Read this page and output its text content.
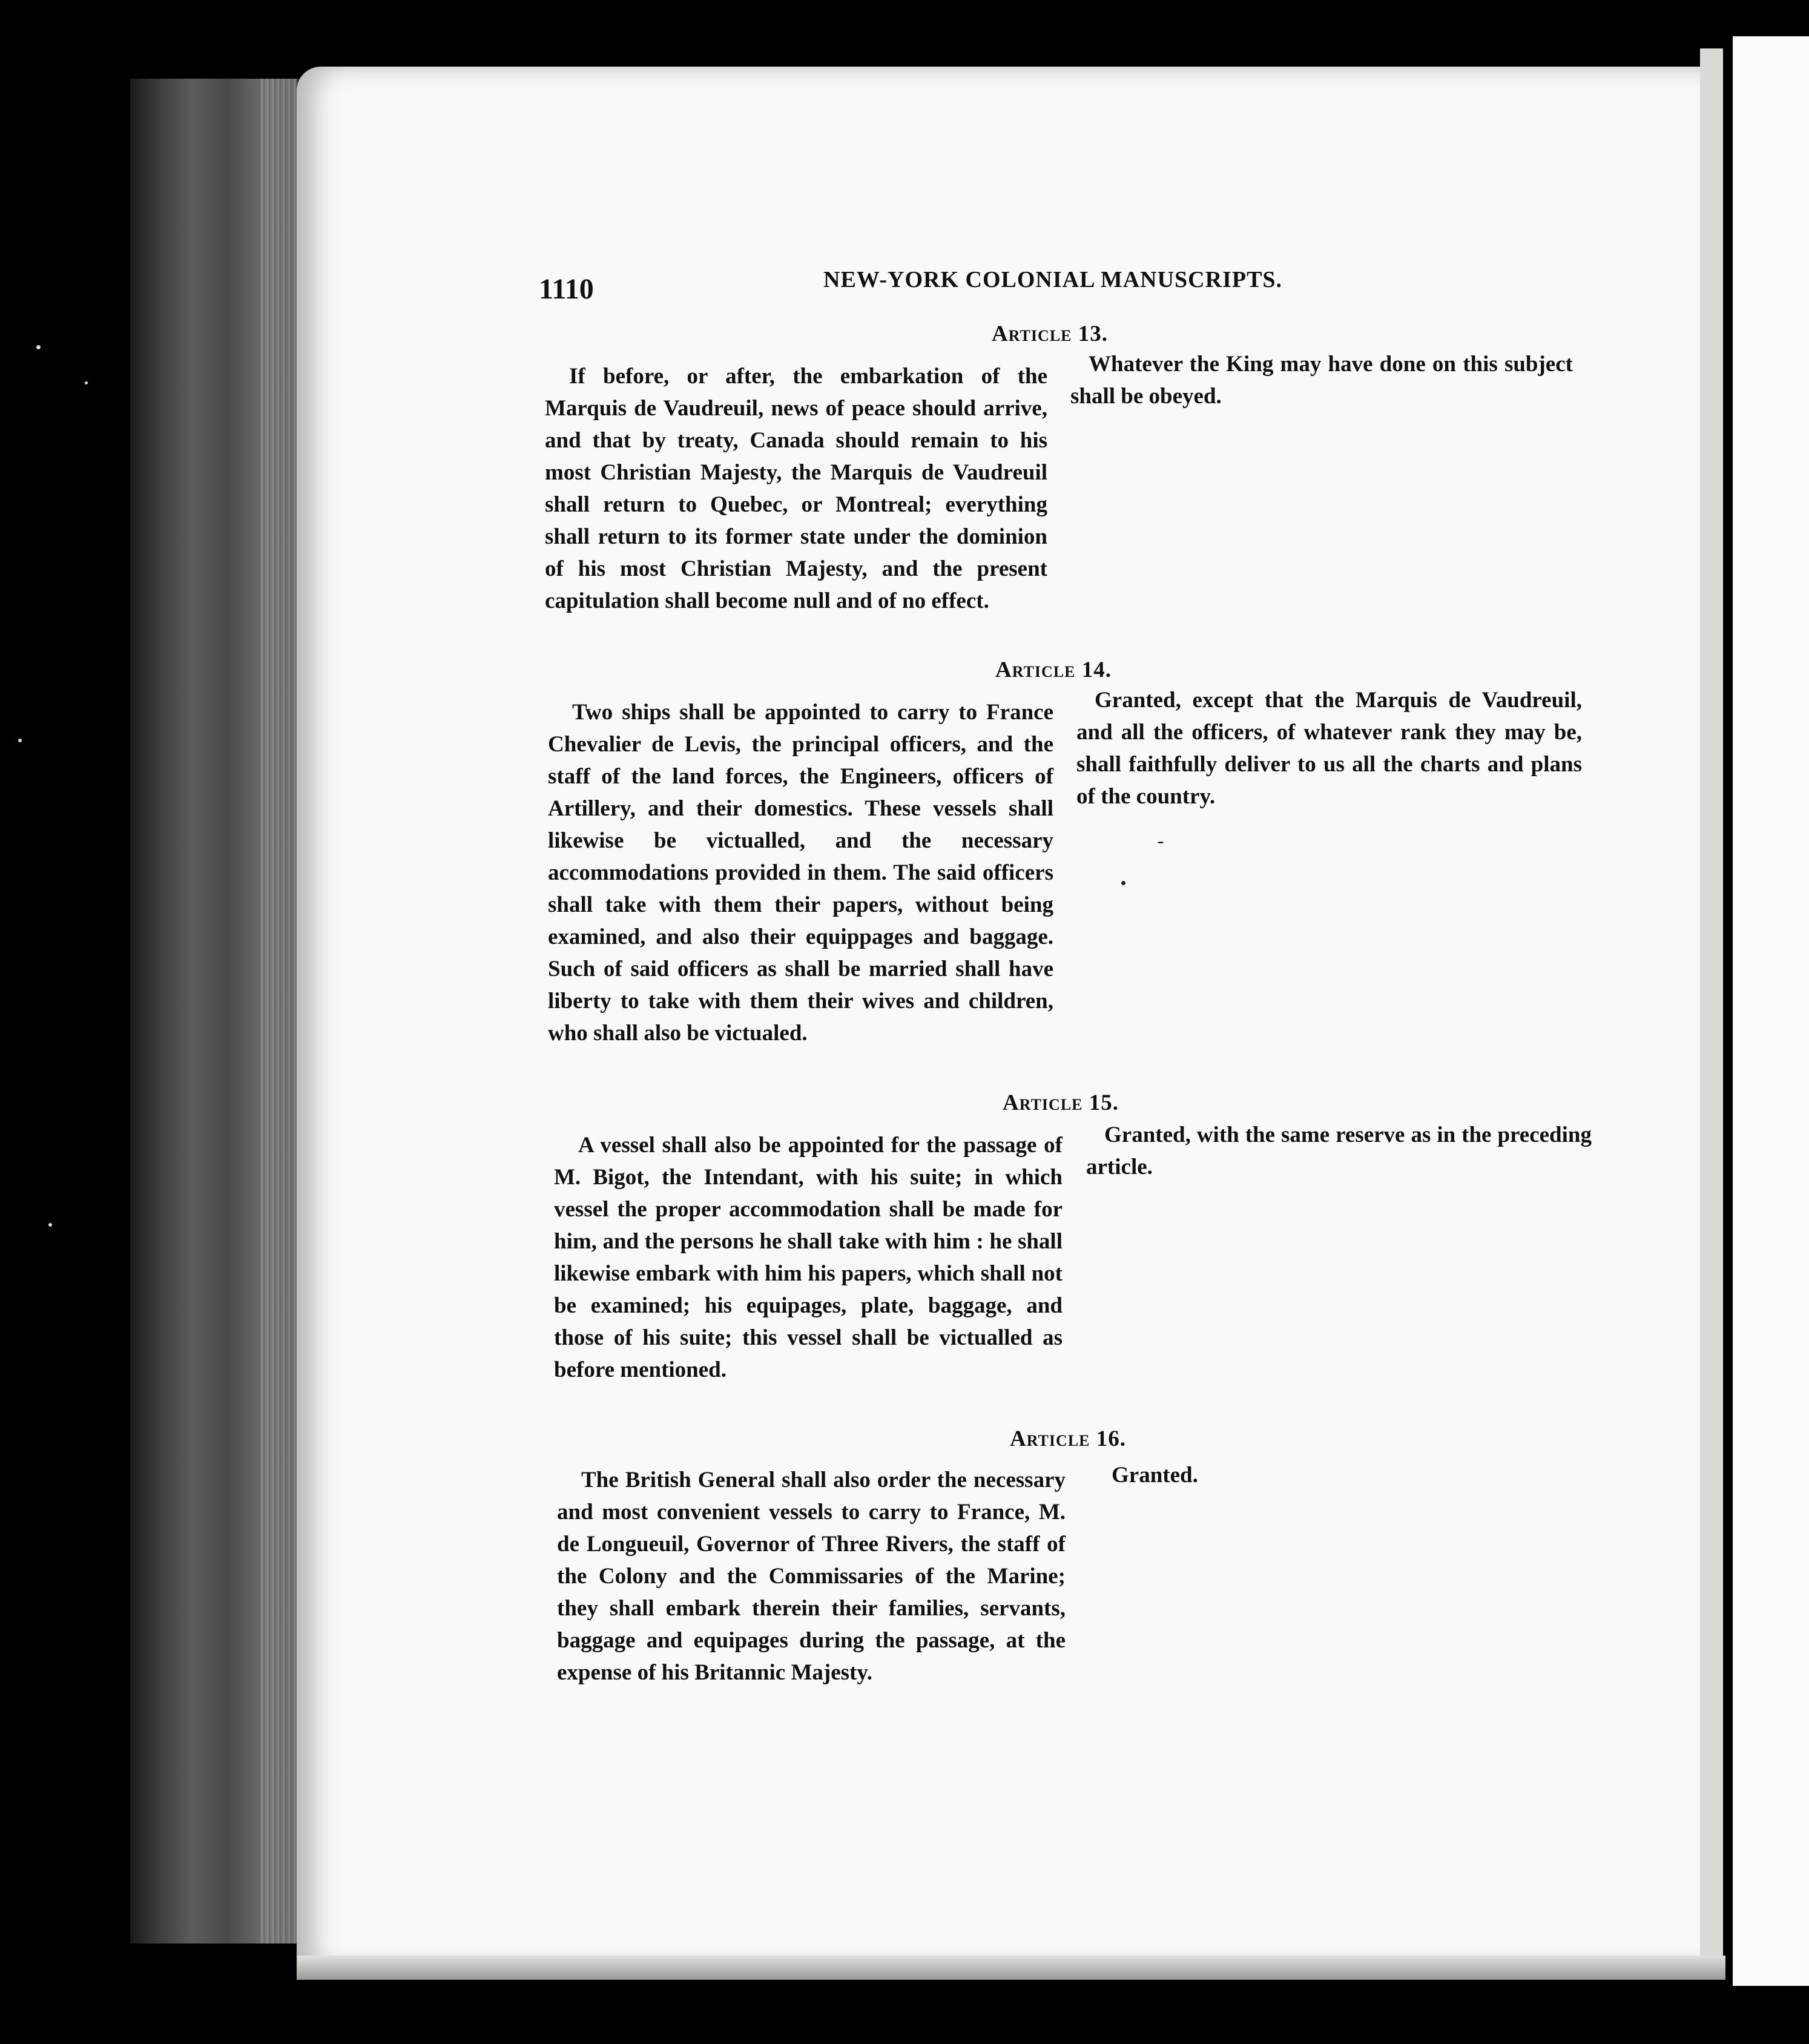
1110	NEW-YORK COLONIAL MANUSCRIPTS.
Article 13.
If before, or after, the embarkation of the Marquis de Vaudreuil, news of peace should arrive, and that by treaty, Canada should remain to his most Christian Majesty, the Marquis de Vaudreuil shall return to Quebec, or Montreal; everything shall return to its former state under the dominion of his most Christian Majesty, and the present capitulation shall become null and of no effect.
Whatever the King may have done on this subject shall be obeyed.
Article 14.
Two ships shall be appointed to carry to France Chevalier de Levis, the principal officers, and the staff of the land forces, the Engineers, officers of Artillery, and their domestics. These vessels shall likewise be victualled, and the necessary accommodations provided in them. The said officers shall take with them their papers, without being examined, and also their equippages and baggage. Such of said officers as shall be married shall have liberty to take with them their wives and children, who shall also be victualed.
Granted, except that the Marquis de Vaudreuil, and all the officers, of whatever rank they may be, shall faithfully deliver to us all the charts and plans of the country.
Article 15.
A vessel shall also be appointed for the passage of M. Bigot, the Intendant, with his suite; in which vessel the proper accommodation shall be made for him, and the persons he shall take with him : he shall likewise embark with him his papers, which shall not be examined; his equipages, plate, baggage, and those of his suite; this vessel shall be victualled as before mentioned.
Granted, with the same reserve as in the preceding article.
Article 16.
The British General shall also order the necessary and most convenient vessels to carry to France, M. de Longueuil, Governor of Three Rivers, the staff of the Colony and the Commissaries of the Marine; they shall embark therein their families, servants, baggage and equipages during the passage, at the expense of his Britannic Majesty.
Granted.
